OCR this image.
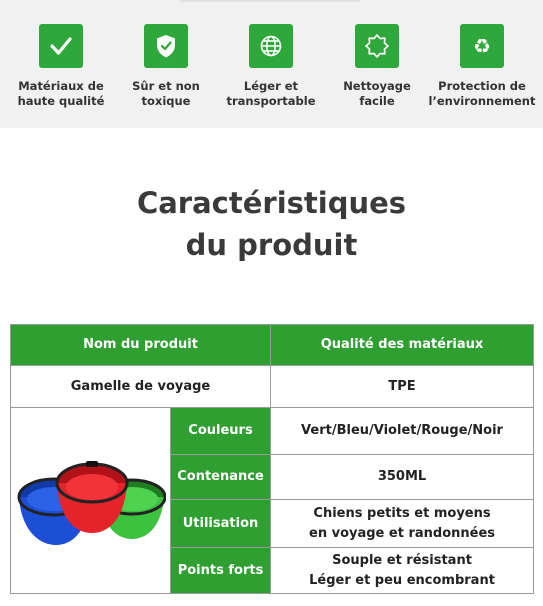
Matériaux de
haute qualité
Sûr et non
toxique
Léger et
transportable
Nettoyage
facile
♻
Protection de
l’environnement
Caractéristiques
du produit
Nom du produit		Qualité des matériaux
Gamelle de voyage		TPE
	Couleurs	Vert/Bleu/Violet/Rouge/Noir
	Contenance	350ML
	Utilisation	Chiens petits et moyens
en voyage et randonnées
	Points forts	Souple et résistant
Léger et peu encombrant
